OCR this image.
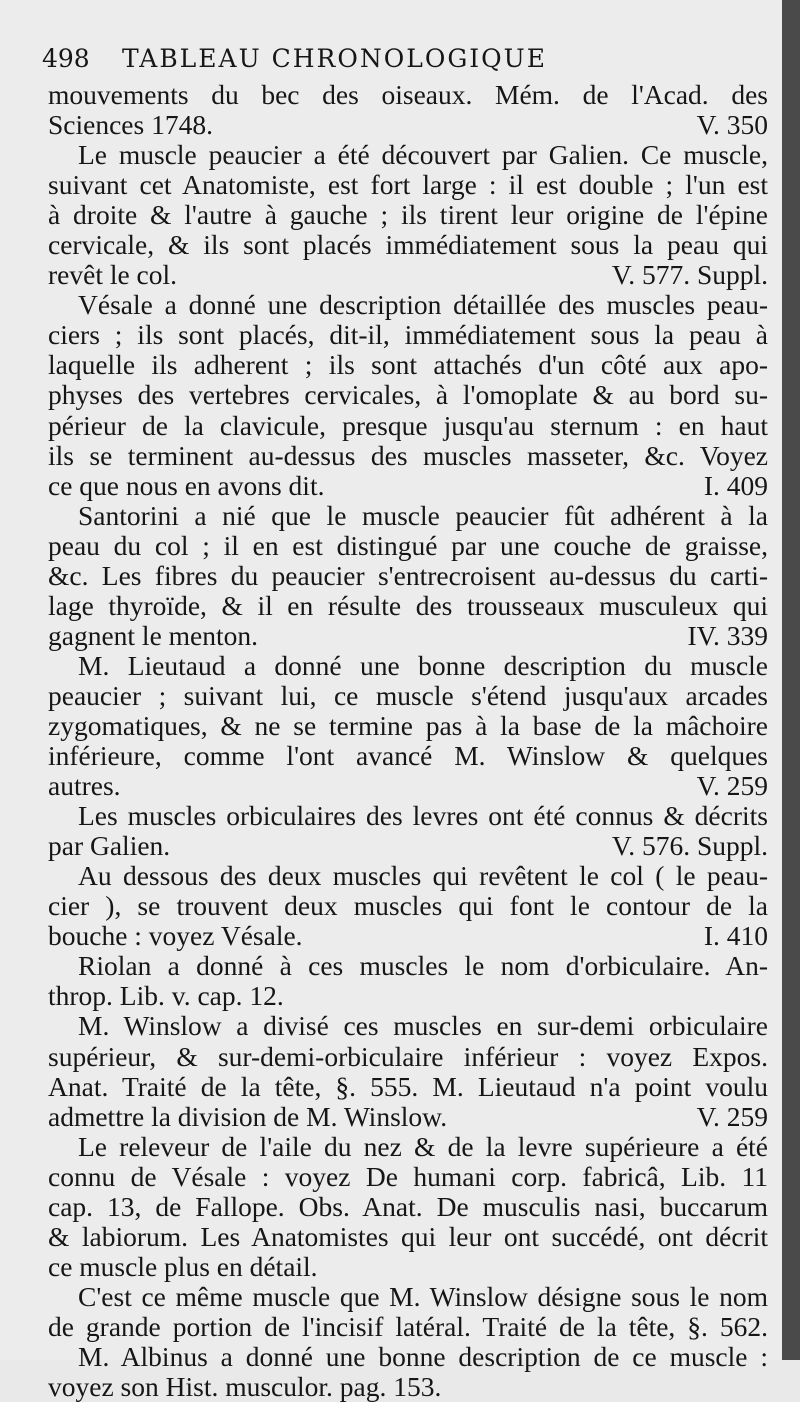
498 TABLEAU CHRONOLOGIQUE
mouvements du bec des oiseaux. Mém. de l'Acad. des
Sciences 1748.	V. 350
Le muscle peaucier a été découvert par Galien. Ce muscle,
suivant cet Anatomiste, est fort large : il est double ; l'un est
à droite & l'autre à gauche ; ils tirent leur origine de l'épine
cervicale, & ils sont placés immédiatement sous la peau qui
revêt le col.	V. 577. Suppl.
Vésale a donné une description détaillée des muscles peau-
ciers ; ils sont placés, dit-il, immédiatement sous la peau à
laquelle ils adherent ; ils sont attachés d'un côté aux apo-
physes des vertebres cervicales, à l'omoplate & au bord su-
périeur de la clavicule, presque jusqu'au sternum : en haut
ils se terminent au-dessus des muscles masseter, &c. Voyez
ce que nous en avons dit.	I. 409
Santorini a nié que le muscle peaucier fût adhérent à la
peau du col ; il en est distingué par une couche de graisse,
&c. Les fibres du peaucier s'entrecroisent au-dessus du carti-
lage thyroïde, & il en résulte des trousseaux musculeux qui
gagnent le menton.	IV. 339
M. Lieutaud a donné une bonne description du muscle
peaucier ; suivant lui, ce muscle s'étend jusqu'aux arcades
zygomatiques, & ne se termine pas à la base de la mâchoire
inférieure, comme l'ont avancé M. Winslow & quelques
autres.	V. 259
Les muscles orbiculaires des levres ont été connus & décrits
par Galien.	V. 576. Suppl.
Au dessous des deux muscles qui revêtent le col ( le peau-
cier ), se trouvent deux muscles qui font le contour de la
bouche : voyez Vésale.	I. 410
Riolan a donné à ces muscles le nom d'orbiculaire. An-
throp. Lib. v. cap. 12.
M. Winslow a divisé ces muscles en sur-demi orbiculaire
supérieur, & sur-demi-orbiculaire inférieur : voyez Expos.
Anat. Traité de la tête, §. 555. M. Lieutaud n'a point voulu
admettre la division de M. Winslow.	V. 259
Le releveur de l'aile du nez & de la levre supérieure a été
connu de Vésale : voyez De humani corp. fabricâ, Lib. 11
cap. 13, de Fallope. Obs. Anat. De musculis nasi, buccarum
& labiorum. Les Anatomistes qui leur ont succédé, ont décrit
ce muscle plus en détail.
C'est ce même muscle que M. Winslow désigne sous le nom
de grande portion de l'incisif latéral. Traité de la tête, §. 562.
M. Albinus a donné une bonne description de ce muscle :
voyez son Hist. musculor. pag. 153.
